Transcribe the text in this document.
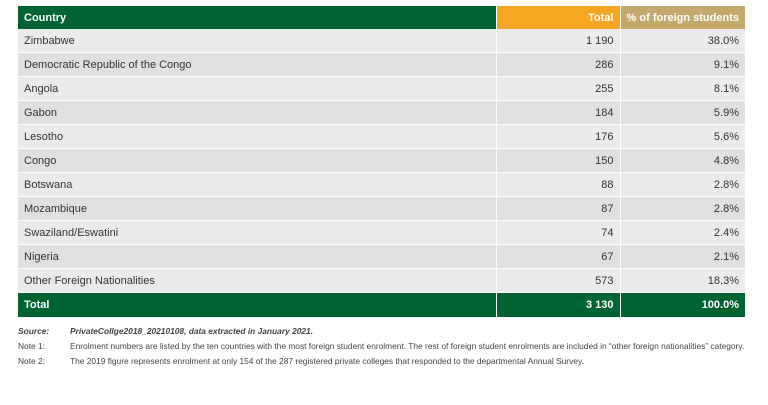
Country	Total	% of foreign students
Zimbabwe	1 190	38.0%
Democratic Republic of the Congo	286	9.1%
Angola	255	8.1%
Gabon	184	5.9%
Lesotho	176	5.6%
Congo	150	4.8%
Botswana	88	2.8%
Mozambique	87	2.8%
Swaziland/Eswatini	74	2.4%
Nigeria	67	2.1%
Other Foreign Nationalities	573	18.3%
Total	3 130	100.0%
Source:	PrivateCollge2018_20210108, data extracted in January 2021.
Note 1:	Enrolment numbers are listed by the ten countries with the most foreign student enrolment. The rest of foreign student enrolments are included in “other foreign nationalities” category.
Note 2:	The 2019 figure represents enrolment at only 154 of the 287 registered private colleges that responded to the departmental Annual Survey.
